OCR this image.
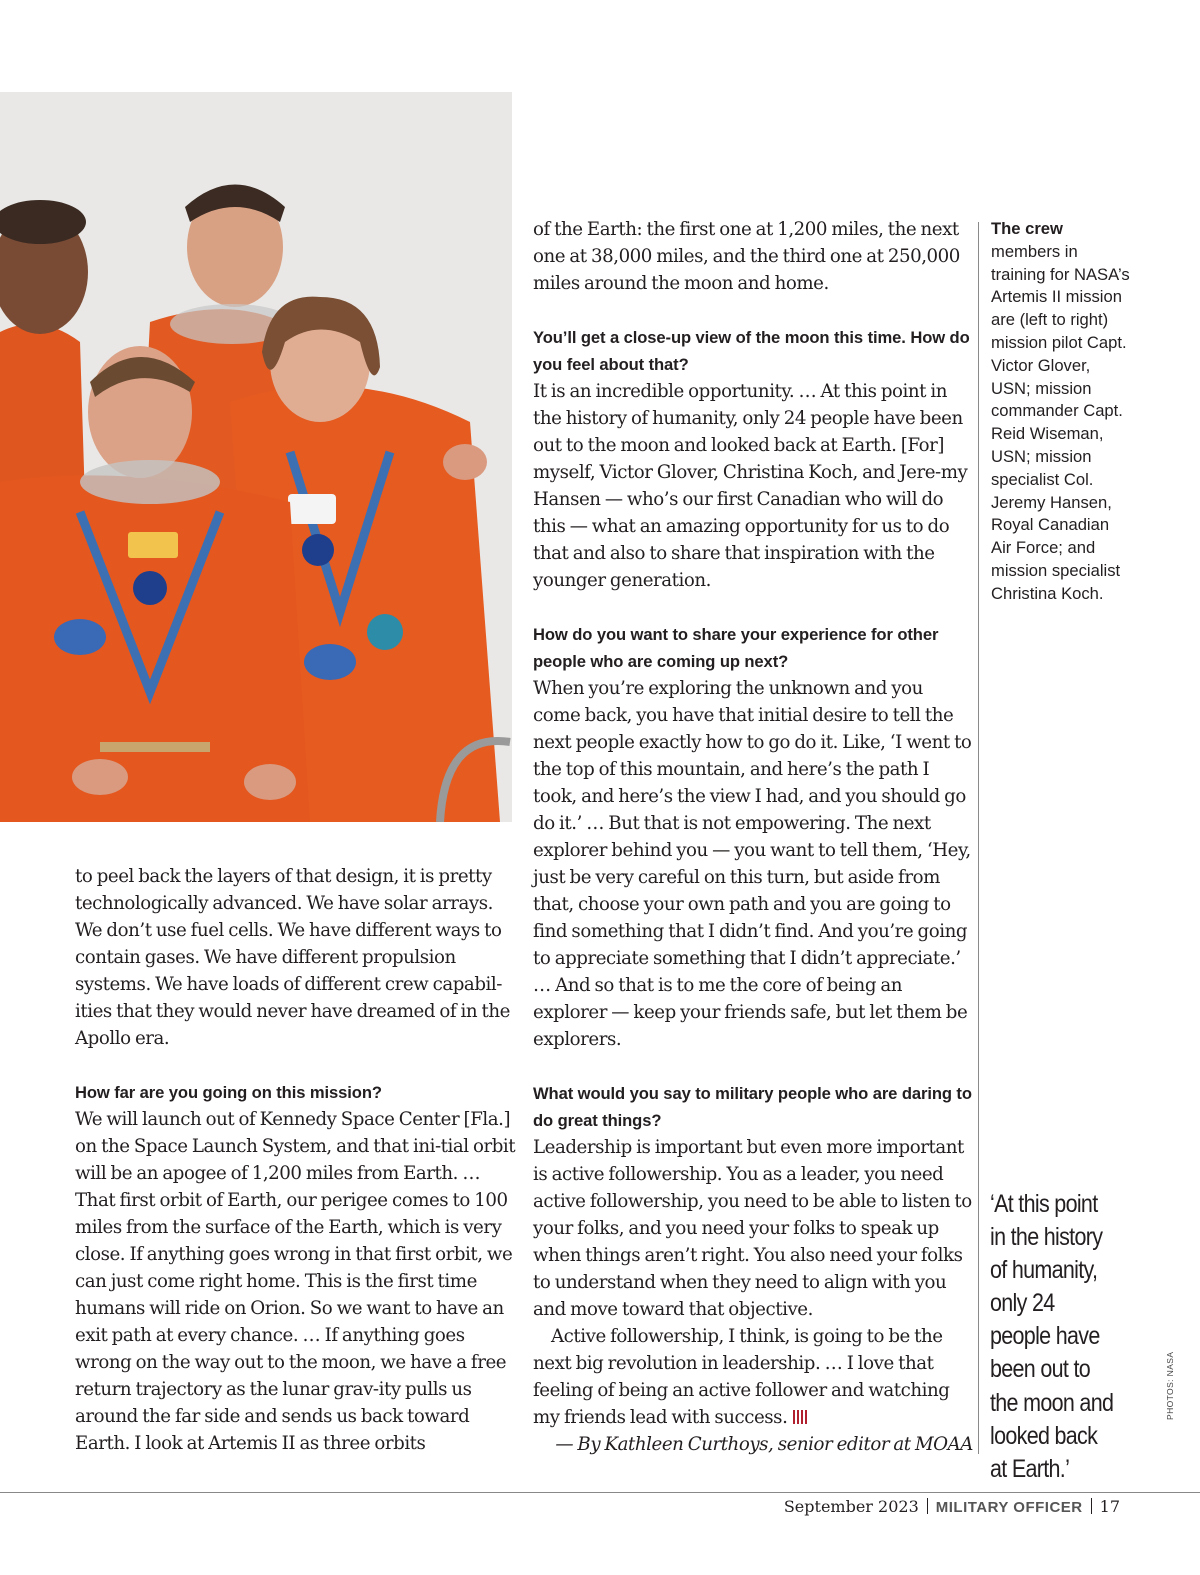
to peel back the layers of that design, it is pretty technologically advanced. We have solar arrays. We don’t use fuel cells. We have different ways to contain gases. We have different propulsion systems. We have loads of different crew capabil-ities that they would never have dreamed of in the Apollo era.

How far are you going on this mission?

We will launch out of Kennedy Space Center [Fla.] on the Space Launch System, and that ini-tial orbit will be an apogee of 1,200 miles from Earth. … That first orbit of Earth, our perigee comes to 100 miles from the surface of the Earth, which is very close. If anything goes wrong in that first orbit, we can just come right home. This is the first time humans will ride on Orion. So we want to have an exit path at every chance. … If anything goes wrong on the way out to the moon, we have a free return trajectory as the lunar grav-ity pulls us around the far side and sends us back toward Earth. I look at Artemis II as three orbits

of the Earth: the first one at 1,200 miles, the next one at 38,000 miles, and the third one at 250,000 miles around the moon and home.

You’ll get a close-up view of the moon this time. How do you feel about that?

It is an incredible opportunity. … At this point in the history of humanity, only 24 people have been out to the moon and looked back at Earth. [For] myself, Victor Glover, Christina Koch, and Jere-my Hansen — who’s our first Canadian who will do this — what an amazing opportunity for us to do that and also to share that inspiration with the younger generation.

How do you want to share your experience for other people who are coming up next?

When you’re exploring the unknown and you come back, you have that initial desire to tell the next people exactly how to go do it. Like, ‘I went to the top of this mountain, and here’s the path I took, and here’s the view I had, and you should go do it.’ … But that is not empowering. The next explorer behind you — you want to tell them, ‘Hey, just be very careful on this turn, but aside from that, choose your own path and you are going to find something that I didn’t find. And you’re going to appreciate something that I didn’t appreciate.’ … And so that is to me the core of being an explorer — keep your friends safe, but let them be explorers.

What would you say to military people who are daring to do great things?

Leadership is important but even more important is active followership. You as a leader, you need active followership, you need to be able to listen to your folks, and you need your folks to speak up when things aren’t right. You also need your folks to understand when they need to align with you and move toward that objective.

Active followership, I think, is going to be the next big revolution in leadership. … I love that feeling of being an active follower and watching my friends lead with success.

— By Kathleen Curthoys, senior editor at MOAA

The crew members in training for NASA’s Artemis II mission are (left to right) mission pilot Capt. Victor Glover, USN; mission commander Capt. Reid Wiseman, USN; mission specialist Col. Jeremy Hansen, Royal Canadian Air Force; and mission specialist Christina Koch.
‘At this point in the history of humanity, only 24 people have been out to the moon and looked back at Earth.’
PHOTOS: NASA
September 2023 MILITARY OFFICER 17
